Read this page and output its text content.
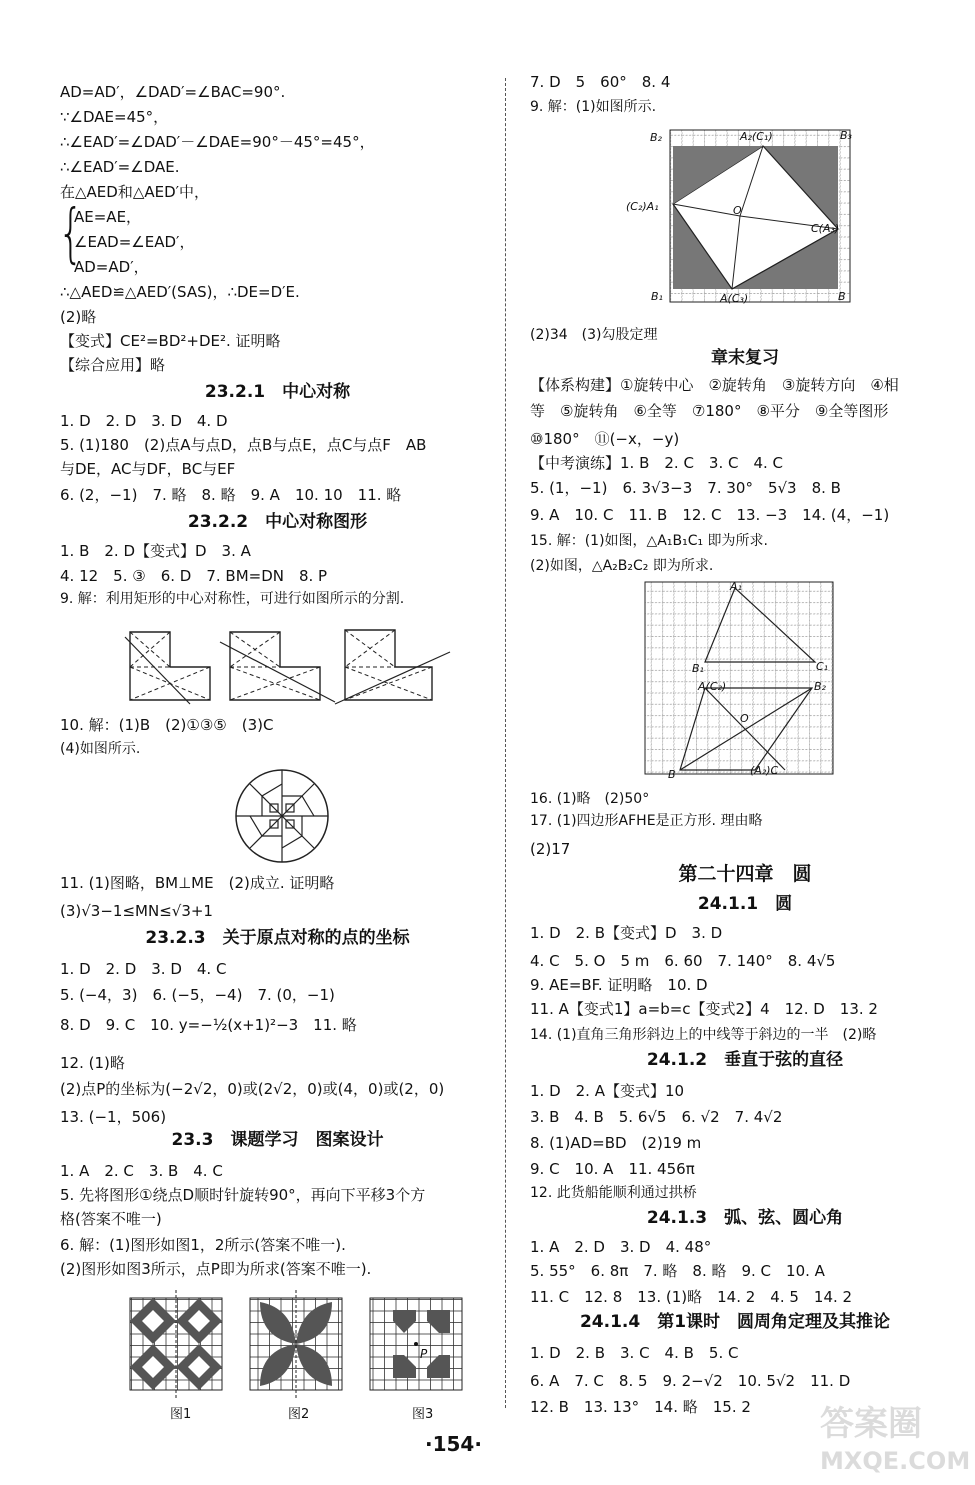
AD=AD′，∠DAD′=∠BAC=90°.
∵∠DAE=45°，
∴∠EAD′=∠DAD′－∠DAE=90°－45°=45°，
∴∠EAD′=∠DAE.
在△AED和△AED′中，
{
AE=AE，
∠EAD=∠EAD′，
AD=AD′，
∴△AED≌△AED′(SAS)，∴DE=D′E.
(2)略
【变式】CE²=BD²+DE². 证明略
【综合应用】略
23.2.1　中心对称
1. D　2. D　3. D　4. D
5. (1)180　(2)点A与点D，点B与点E，点C与点F　AB
与DE，AC与DF，BC与EF
6. (2，−1)　7. 略　8. 略　9. A　10. 10　11. 略
23.2.2　中心对称图形
1. B　2. D【变式】D　3. A
4. 12　5. ③　6. D　7. BM=DN　8. P
9. 解：利用矩形的中心对称性，可进行如图所示的分割.
10. 解：(1)B　(2)①③⑤　(3)C
(4)如图所示.
11. (1)图略，BM⊥ME　(2)成立. 证明略
(3)√3−1≤MN≤√3+1
23.2.3　关于原点对称的点的坐标
1. D　2. D　3. D　4. C
5. (−4，3)　6. (−5，−4)　7. (0，−1)
8. D　9. C　10. y=−½(x+1)²−3　11. 略
12. (1)略
(2)点P的坐标为(−2√2，0)或(2√2，0)或(4，0)或(2，0)
13. (−1，506)
23.3　课题学习　图案设计
1. A　2. C　3. B　4. C
5. 先将图形①绕点D顺时针旋转90°，再向下平移3个方
格(答案不唯一)
6. 解：(1)图形如图1，2所示(答案不唯一).
(2)图形如图3所示，点P即为所求(答案不唯一).
P
图1	图2	图3
7. D　5　60°　8. 4
9. 解：(1)如图所示.
B₂	A₂(C₁)	B₃
(C₂)A₁	O
C(A₃)
B₁	A(C₃)	B
(2)34　(3)勾股定理
章末复习
【体系构建】①旋转中心　②旋转角　③旋转方向　④相
等　⑤旋转角　⑥全等　⑦180°　⑧平分　⑨全等图形
⑩180°　⑪(−x，−y)
【中考演练】1. B　2. C　3. C　4. C
5. (1，−1)　6. 3√3−3　7. 30°　5√3　8. B
9. A　10. C　11. B　12. C　13. −3　14. (4，−1)
15. 解：(1)如图，△A₁B₁C₁ 即为所求.
(2)如图，△A₂B₂C₂ 即为所求.
A₁
B₁	C₁
A(C₂)	B₂
O
B	(A₂)C
16. (1)略　(2)50°
17. (1)四边形AFHE是正方形. 理由略
(2)17
第二十四章　圆
24.1.1　圆
1. D　2. B【变式】D　3. D
4. C　5. O　5 m　6. 60　7. 140°　8. 4√5
9. AE=BF. 证明略　10. D
11. A【变式1】a=b=c【变式2】4　12. D　13. 2
14. (1)直角三角形斜边上的中线等于斜边的一半　(2)略
24.1.2　垂直于弦的直径
1. D　2. A【变式】10
3. B　4. B　5. 6√5　6. √2　7. 4√2
8. (1)AD=BD　(2)19 m
9. C　10. A　11. 456π
12. 此货船能顺利通过拱桥
24.1.3　弧、弦、圆心角
1. A　2. D　3. D　4. 48°
5. 55°　6. 8π　7. 略　8. 略　9. C　10. A
11. C　12. 8　13. (1)略　14. 2　4. 5　14. 2
24.1.4　第1课时　圆周角定理及其推论
1. D　2. B　3. C　4. B　5. C
6. A　7. C　8. 5　9. 2−√2　10. 5√2　11. D
12. B　13. 13°　14. 略　15. 2
·154·	答案圈
MXQE.COM
